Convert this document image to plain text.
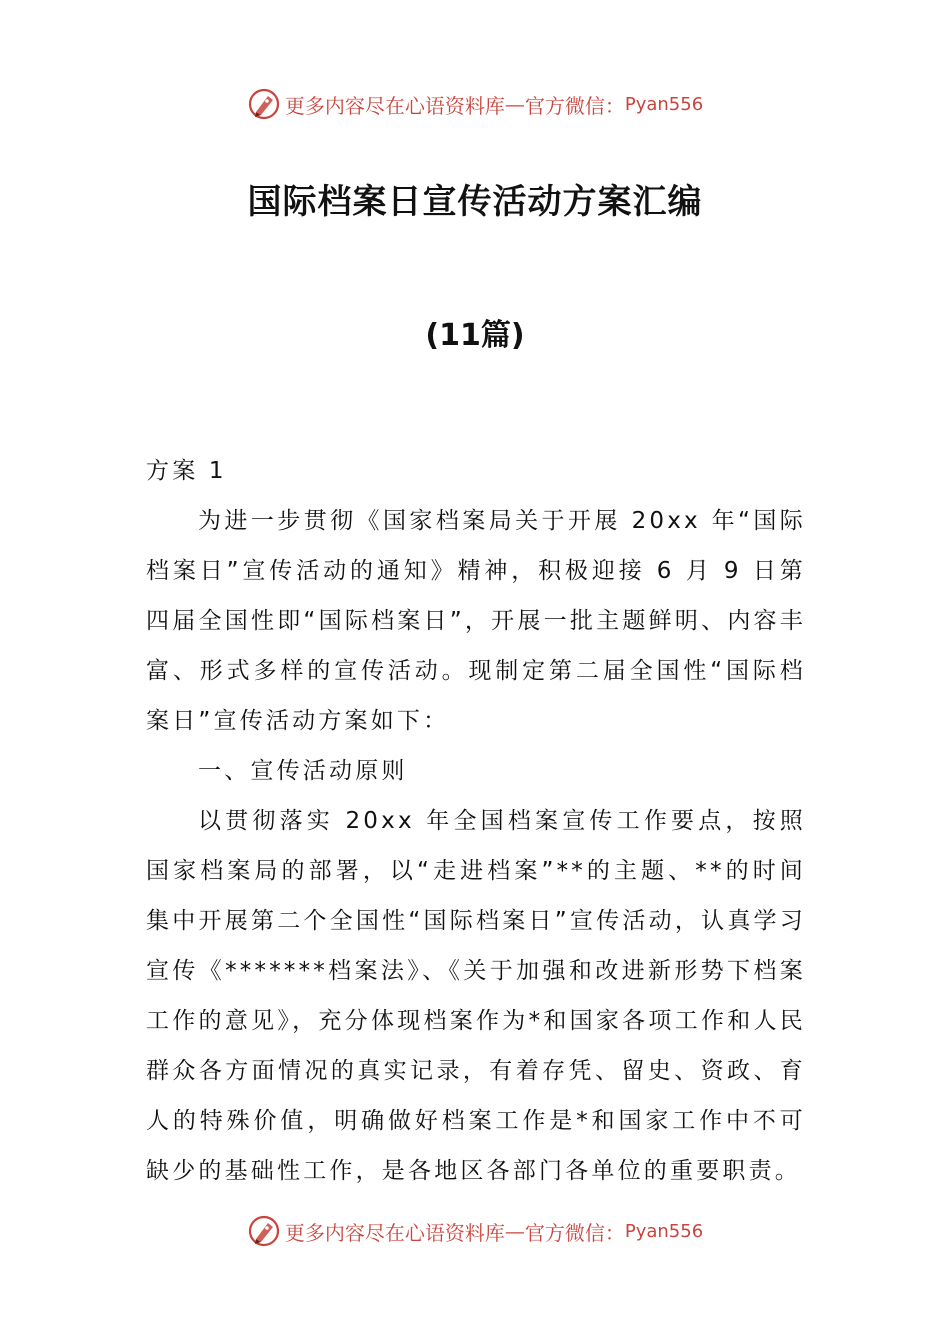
更多内容尽在心语资料库 — 官方微信： Pyan556
国际档案日宣传活动方案汇编
(11篇)

方案 1

为进一步贯彻《国家档案局关于开展 20xx 年“国际档案日”宣传活动的通知》精神，积极迎接 6 月 9 日第四届全国性即“国际档案日”，开展一批主题鲜明、内容丰富、形式多样的宣传活动。现制定第二届全国性“国际档案日”宣传活动方案如下：

一、宣传活动原则

以贯彻落实 20xx 年全国档案宣传工作要点，按照国家档案局的部署，以“走进档案”**的主题、**的时间集中开展第二个全国性“国际档案日”宣传活动，认真学习宣传《*******档案法》、《关于加强和改进新形势下档案工作的意见》，充分体现档案作为*和国家各项工作和人民群众各方面情况的真实记录，有着存凭、留史、资政、育人的特殊价值，明确做好档案工作是*和国家工作中不可缺少的基础性工作，是各地区各部门各单位的重要职责。

更多内容尽在心语资料库 — 官方微信： Pyan556
